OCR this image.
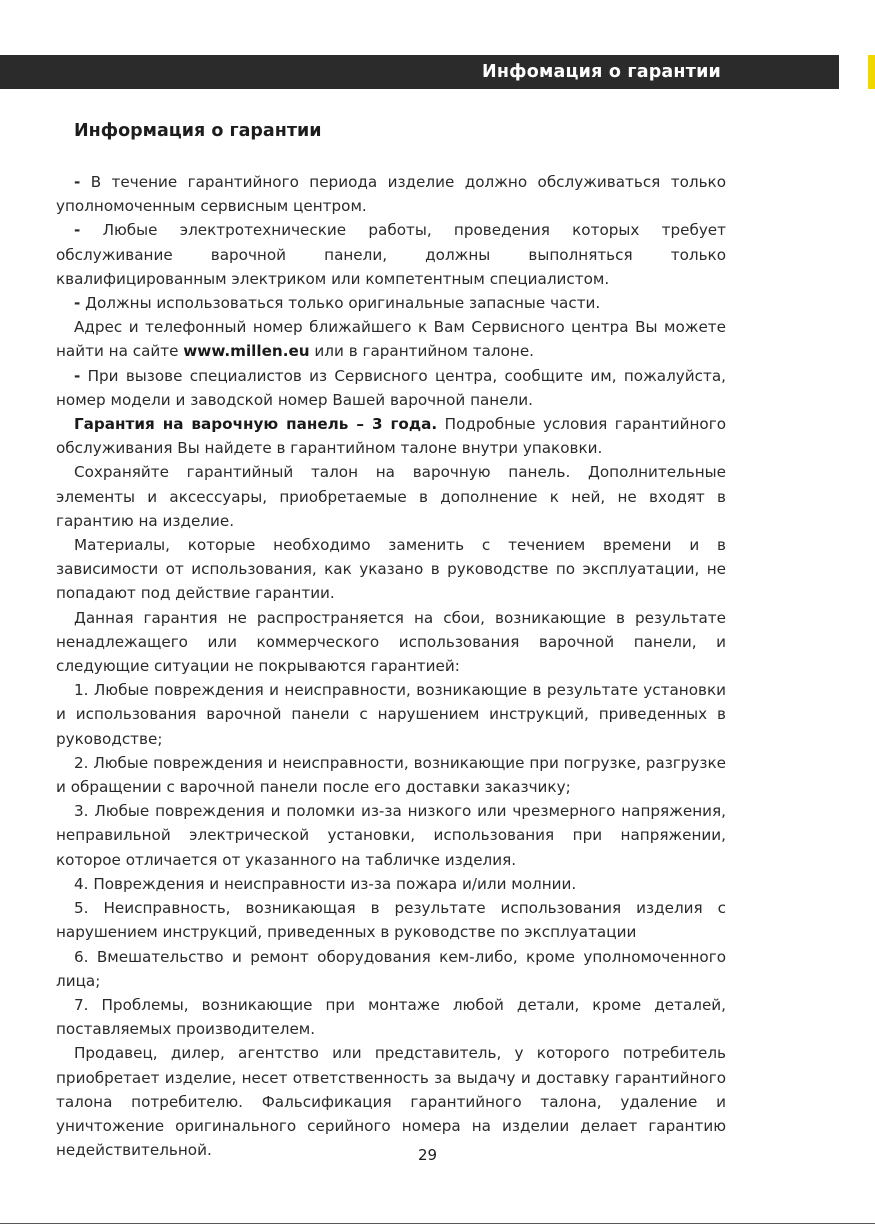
Инфомация о гарантии
Информация о гарантии

- В течение гарантийного периода изделие должно обслуживаться только уполномоченным сервисным центром.

- Любые электротехнические работы, проведения которых требует обслуживание варочной панели, должны выполняться только квалифицированным электриком или компетентным специалистом.

- Должны использоваться только оригинальные запасные части.

Адрес и телефонный номер ближайшего к Вам Сервисного центра Вы можете найти на сайте www.millen.eu или в гарантийном талоне.

- При вызове специалистов из Сервисного центра, сообщите им, пожалуйста, номер модели и заводской номер Вашей варочной панели.

Гарантия на варочную панель – 3 года. Подробные условия гарантийного обслуживания Вы найдете в гарантийном талоне внутри упаковки.

Сохраняйте гарантийный талон на варочную панель. Дополнительные элементы и аксессуары, приобретаемые в дополнение к ней, не входят в гарантию на изделие.

Материалы, которые необходимо заменить с течением времени и в зависимости от использования, как указано в руководстве по эксплуатации, не попадают под действие гарантии.

Данная гарантия не распространяется на сбои, возникающие в результате ненадлежащего или коммерческого использования варочной панели, и следующие ситуации не покрываются гарантией:

1. Любые повреждения и неисправности, возникающие в результате установки и использования варочной панели с нарушением инструкций, приведенных в руководстве;

2. Любые повреждения и неисправности, возникающие при погрузке, разгрузке и обращении с варочной панели после его доставки заказчику;

3. Любые повреждения и поломки из-за низкого или чрезмерного напряжения, неправильной электрической установки, использования при напряжении, которое отличается от указанного на табличке изделия.

4. Повреждения и неисправности из-за пожара и/или молнии.

5. Неисправность, возникающая в результате использования изделия с нарушением инструкций, приведенных в руководстве по эксплуатации

6. Вмешательство и ремонт оборудования кем-либо, кроме уполномоченного лица;

7. Проблемы, возникающие при монтаже любой детали, кроме деталей, поставляемых производителем.

Продавец, дилер, агентство или представитель, у которого потребитель приобретает изделие, несет ответственность за выдачу и доставку гарантийного талона потребителю. Фальсификация гарантийного талона, удаление и уничтожение оригинального серийного номера на изделии делает гарантию недействительной.	29
